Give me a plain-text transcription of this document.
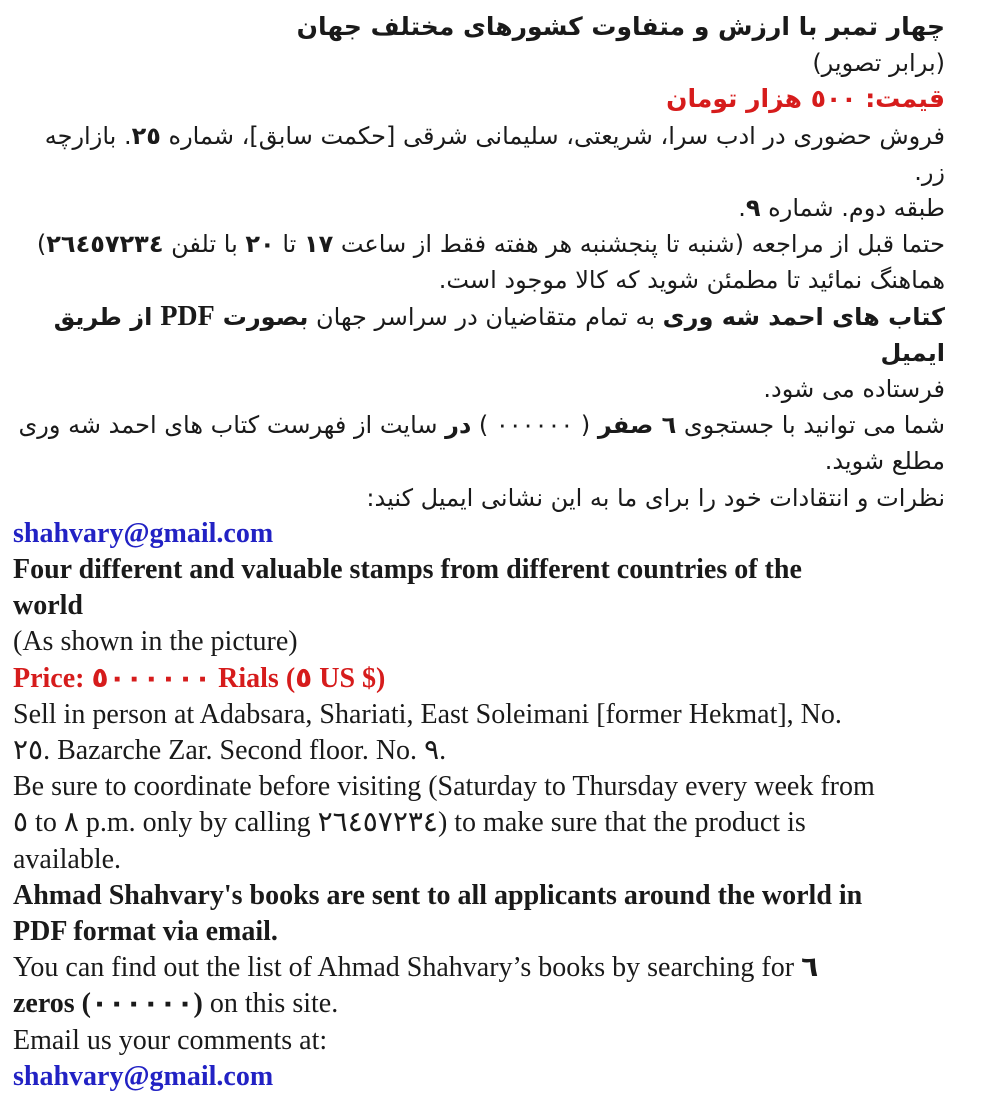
چهار تمبر با ارزش و متفاوت کشورهای مختلف جهان
(برابر تصویر)
قیمت: ٥٠٠ هزار تومان
فروش حضوری در ادب سرا، شریعتی، سلیمانی شرقی [حکمت سابق]، شماره ٢٥. بازارچه زر.
طبقه دوم. شماره ٩.
حتما قبل از مراجعه (شنبه تا پنجشنبه هر هفته فقط از ساعت ١٧ تا ٢٠ با تلفن ٢٦٤٥٧٢٣٤)
هماهنگ نمائید تا مطمئن شوید که کالا موجود است.
کتاب های احمد شه وری به تمام متقاضیان در سراسر جهان بصورتPDFاز طریق ایمیل
فرستاده می شود.
شما می توانید با جستجوی ٦ صفر ( ٠٠٠٠٠٠ ) در سایت از فهرست کتاب های احمد شه وری
مطلع شوید.
نظرات و انتقادات خود را برای ما به این نشانی ایمیل کنید:
shahvary@gmail.com
Four different and valuable stamps from different countries of the
world
(As shown in the picture)
Price: ٥٠٠٠٠٠٠ Rials (٥ US $)
Sell in person at Adabsara, Shariati, East Soleimani [former Hekmat], No.
٢٥. Bazarche Zar. Second floor. No. ٩.
Be sure to coordinate before visiting (Saturday to Thursday every week from
٥ to ٨ p.m. only by calling ٢٦٤٥٧٢٣٤) to make sure that the product is
available.
Ahmad Shahvary's books are sent to all applicants around the world in
PDF format via email.
You can find out the list of Ahmad Shahvary’s books by searching for ٦
zeros (٠٠٠٠٠٠) on this site.
Email us your comments at:
shahvary@gmail.com
